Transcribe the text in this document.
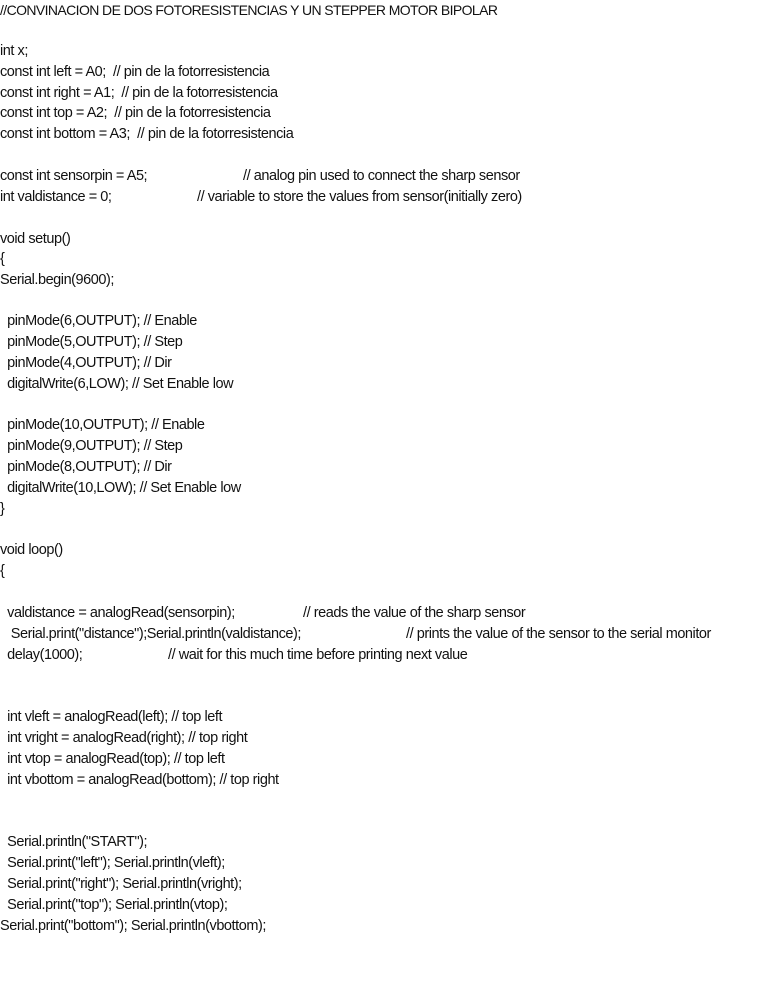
//CONVINACION DE DOS FOTORESISTENCIAS Y UN STEPPER MOTOR BIPOLAR
int x;
const int left = A0;  // pin de la fotorresistencia
const int right = A1;  // pin de la fotorresistencia
const int top = A2;  // pin de la fotorresistencia
const int bottom = A3;  // pin de la fotorresistencia

const int sensorpin = A5;

	// analog pin used to connect the sharp sensor

int valdistance = 0;

	// variable to store the values from sensor(initially zero)

void setup()
{
Serial.begin(9600);
pinMode(6,OUTPUT); // Enable
pinMode(5,OUTPUT); // Step
pinMode(4,OUTPUT); // Dir
digitalWrite(6,LOW); // Set Enable low
pinMode(10,OUTPUT); // Enable
pinMode(9,OUTPUT); // Step
pinMode(8,OUTPUT); // Dir
digitalWrite(10,LOW); // Set Enable low
}
void loop()
{

valdistance = analogRead(sensorpin);

	// reads the value of the sharp sensor

Serial.print("distance");Serial.println(valdistance);

	// prints the value of the sensor to the serial monitor

delay(1000);

	// wait for this much time before printing next value

int vleft = analogRead(left); // top left
int vright = analogRead(right); // top right
int vtop = analogRead(top); // top left
int vbottom = analogRead(bottom); // top right
Serial.println("START");
Serial.print("left"); Serial.println(vleft);
Serial.print("right"); Serial.println(vright);
Serial.print("top"); Serial.println(vtop);
Serial.print("bottom"); Serial.println(vbottom);
